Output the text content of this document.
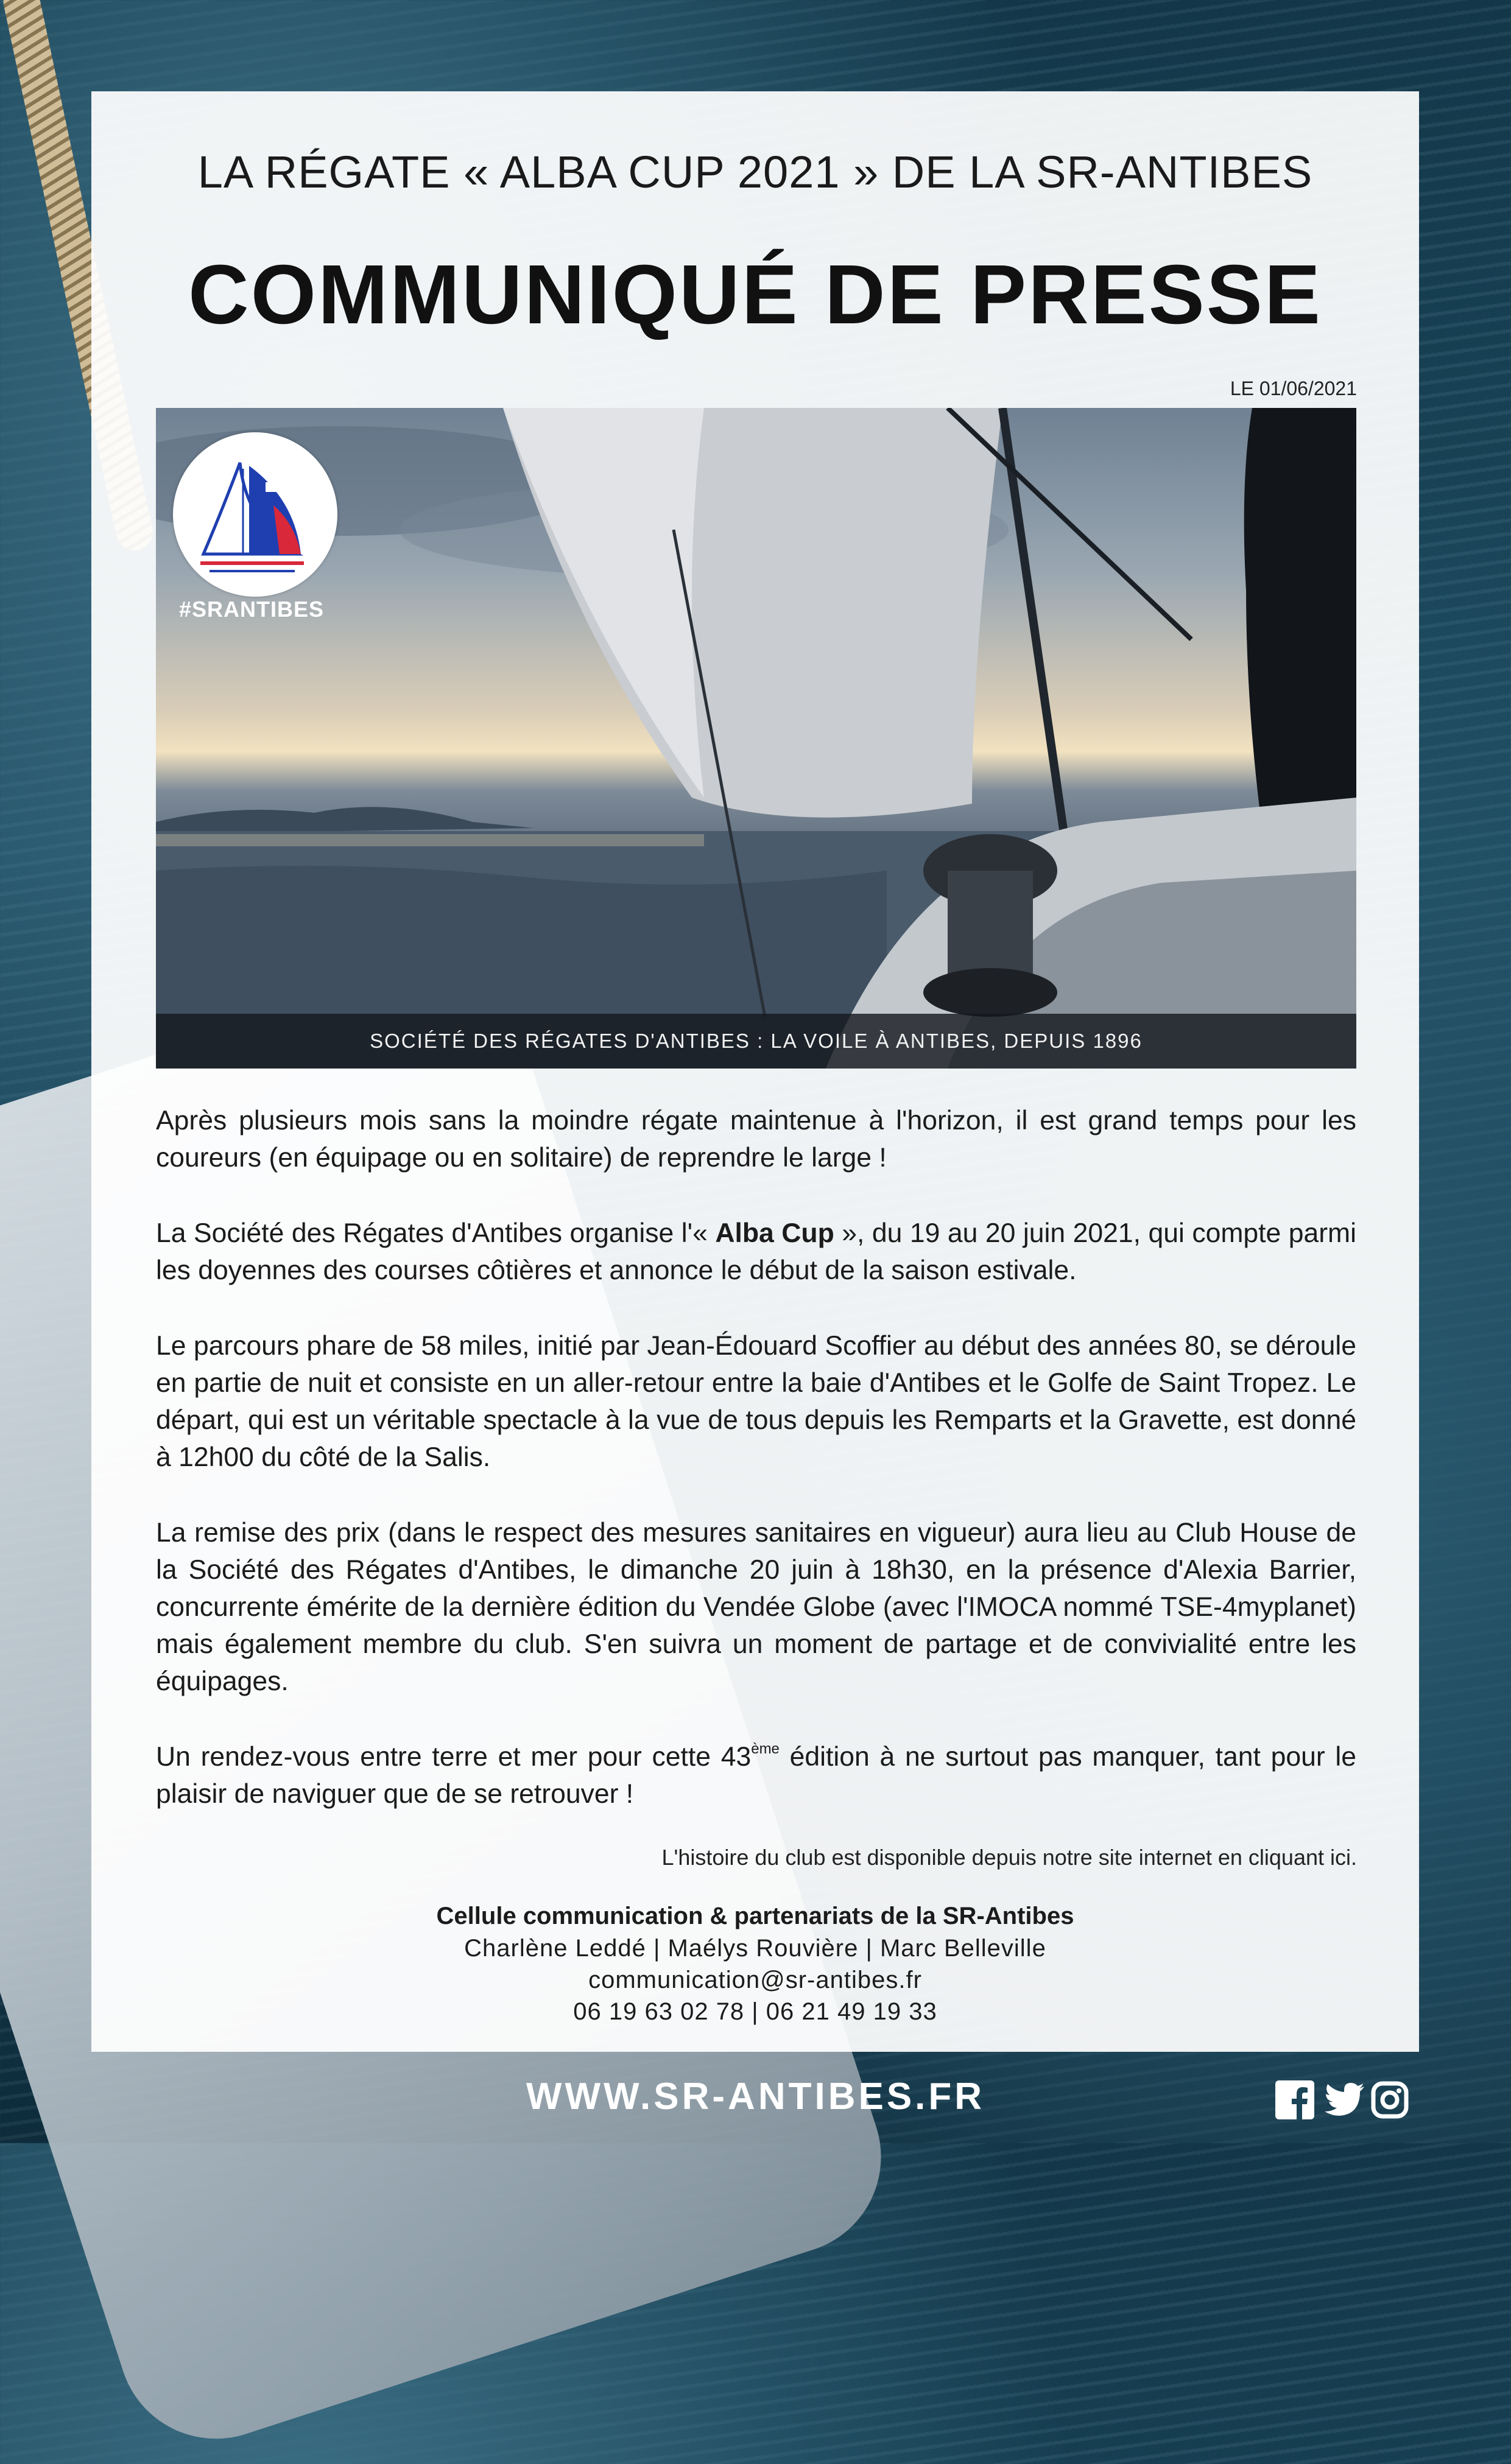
LA RÉGATE « ALBA CUP 2021 » DE LA SR-ANTIBES
COMMUNIQUÉ DE PRESSE
LE 01/06/2021
#SRANTIBES
SOCIÉTÉ DES RÉGATES D'ANTIBES : LA VOILE À ANTIBES, DEPUIS 1896

Après plusieurs mois sans la moindre régate maintenue à l'horizon, il est grand temps pour les coureurs (en équipage ou en solitaire) de reprendre le large !

La Société des Régates d'Antibes organise l'« Alba Cup », du 19 au 20 juin 2021, qui compte parmi les doyennes des courses côtières et annonce le début de la saison estivale.

Le parcours phare de 58 miles, initié par Jean-Édouard Scoffier au début des années 80, se déroule en partie de nuit et consiste en un aller-retour entre la baie d'Antibes et le Golfe de Saint Tropez. Le départ, qui est un véritable spectacle à la vue de tous depuis les Remparts et la Gravette, est donné à 12h00 du côté de la Salis.

La remise des prix (dans le respect des mesures sanitaires en vigueur) aura lieu au Club House de la Société des Régates d'Antibes, le dimanche 20 juin à 18h30, en la présence d'Alexia Barrier, concurrente émérite de la dernière édition du Vendée Globe (avec l'IMOCA nommé TSE-4myplanet) mais également membre du club. S'en suivra un moment de partage et de convivialité entre les équipages.

Un rendez-vous entre terre et mer pour cette 43ème édition à ne surtout pas manquer, tant pour le plaisir de naviguer que de se retrouver !

L'histoire du club est disponible depuis notre site internet en cliquant ici.
Cellule communication & partenariats de la SR-Antibes
Charlène Leddé | Maélys Rouvière | Marc Belleville
communication@sr-antibes.fr
06 19 63 02 78 | 06 21 49 19 33
WWW.SR-ANTIBES.FR
